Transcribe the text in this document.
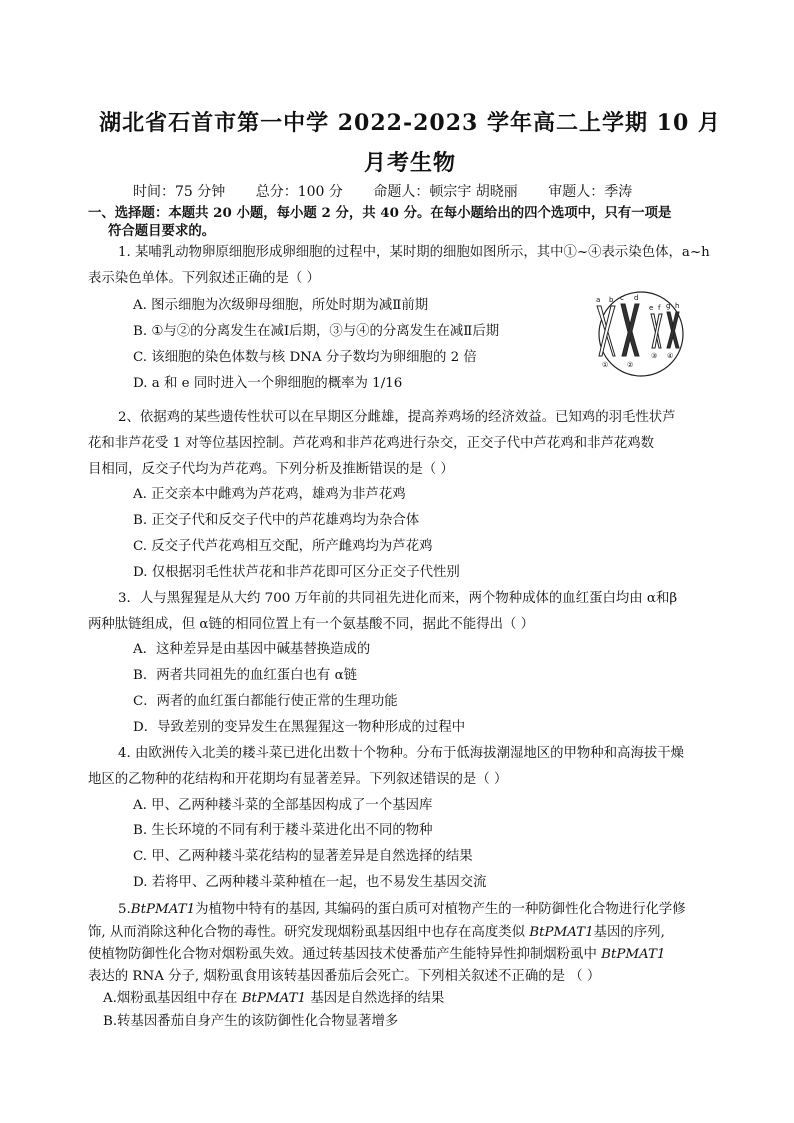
湖北省石首市第一中学 2022-2023 学年高二上学期 10 月
月考生物
时间：75 分钟 总分：100 分 命题人：顿宗宇 胡晓丽 审题人：季涛
一、选择题：本题共 20 小题，每小题 2 分，共 40 分。在每小题给出的四个选项中，只有一项是
符合题目要求的。
1. 某哺乳动物卵原细胞形成卵细胞的过程中，某时期的细胞如图所示，其中①~④表示染色体，a~h
表示染色单体。下列叙述正确的是（ ）
A. 图示细胞为次级卵母细胞，所处时期为减Ⅱ前期
B. ①与②的分离发生在减Ⅰ后期，③与④的分离发生在减Ⅱ后期
C. 该细胞的染色体数与核 DNA 分子数均为卵细胞的 2 倍
D. a 和 e 同时进入一个卵细胞的概率为 1/16
a b c d
e f g h
①	②
③ ④
2、依据鸡的某些遗传性状可以在早期区分雌雄，提高养鸡场的经济效益。已知鸡的羽毛性状芦
花和非芦花受 1 对等位基因控制。芦花鸡和非芦花鸡进行杂交，正交子代中芦花鸡和非芦花鸡数
目相同，反交子代均为芦花鸡。下列分析及推断错误的是（ ）
A. 正交亲本中雌鸡为芦花鸡，雄鸡为非芦花鸡
B. 正交子代和反交子代中的芦花雄鸡均为杂合体
C. 反交子代芦花鸡相互交配，所产雌鸡均为芦花鸡
D. 仅根据羽毛性状芦花和非芦花即可区分正交子代性别
3．人与黑猩猩是从大约 700 万年前的共同祖先进化而来，两个物种成体的血红蛋白均由 α和β
两种肽链组成，但 α链的相同位置上有一个氨基酸不同，据此不能得出（ ）
A．这种差异是由基因中碱基替换造成的
B．两者共同祖先的血红蛋白也有 α链
C．两者的血红蛋白都能行使正常的生理功能
D．导致差别的变异发生在黑猩猩这一物种形成的过程中
4. 由欧洲传入北美的耧斗菜已进化出数十个物种。分布于低海拔潮湿地区的甲物种和高海拔干燥
地区的乙物种的花结构和开花期均有显著差异。下列叙述错误的是（ ）
A. 甲、乙两种耧斗菜的全部基因构成了一个基因库
B. 生长环境的不同有利于耧斗菜进化出不同的物种
C. 甲、乙两种耧斗菜花结构的显著差异是自然选择的结果
D. 若将甲、乙两种耧斗菜种植在一起，也不易发生基因交流
5.BtPMAT1为植物中特有的基因, 其编码的蛋白质可对植物产生的一种防御性化合物进行化学修
饰, 从而消除这种化合物的毒性。研究发现烟粉虱基因组中也存在高度类似 BtPMAT1基因的序列,
使植物防御性化合物对烟粉虱失效。通过转基因技术使番茄产生能特异性抑制烟粉虱中 BtPMAT1
表达的 RNA 分子, 烟粉虱食用该转基因番茄后会死亡。下列相关叙述不正确的是 （ ）
A.烟粉虱基因组中存在 BtPMAT1 基因是自然选择的结果
B.转基因番茄自身产生的该防御性化合物显著增多
